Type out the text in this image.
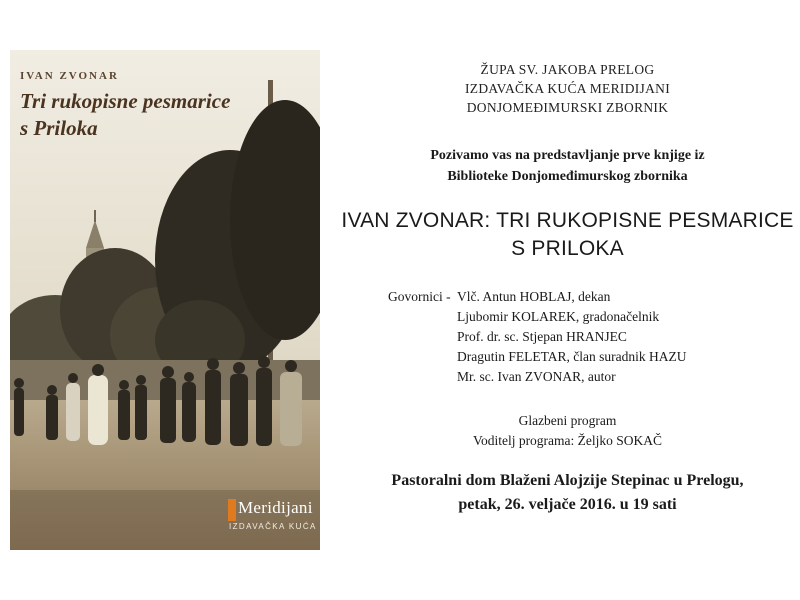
IVAN ZVONAR
Tri rukopisne pesmarice
s Priloka
Meridijani
IZDAVAČKA KUĆA
ŽUPA SV. JAKOBA PRELOG
IZDAVAČKA KUĆA MERIDIJANI
DONJOMEĐIMURSKI ZBORNIK
Pozivamo vas na predstavljanje prve knjige iz
Biblioteke Donjomeđimurskog zbornika
IVAN ZVONAR: TRI RUKOPISNE PESMARICE
S PRILOKA
Govornici - Vlč. Antun HOBLAJ, dekan
Ljubomir KOLAREK, gradonačelnik
Prof. dr. sc. Stjepan HRANJEC
Dragutin FELETAR, član suradnik HAZU
Mr. sc. Ivan ZVONAR, autor
Glazbeni program
Voditelj programa: Željko SOKAČ
Pastoralni dom Blaženi Alojzije Stepinac u Prelogu,
petak, 26. veljače 2016. u 19 sati
